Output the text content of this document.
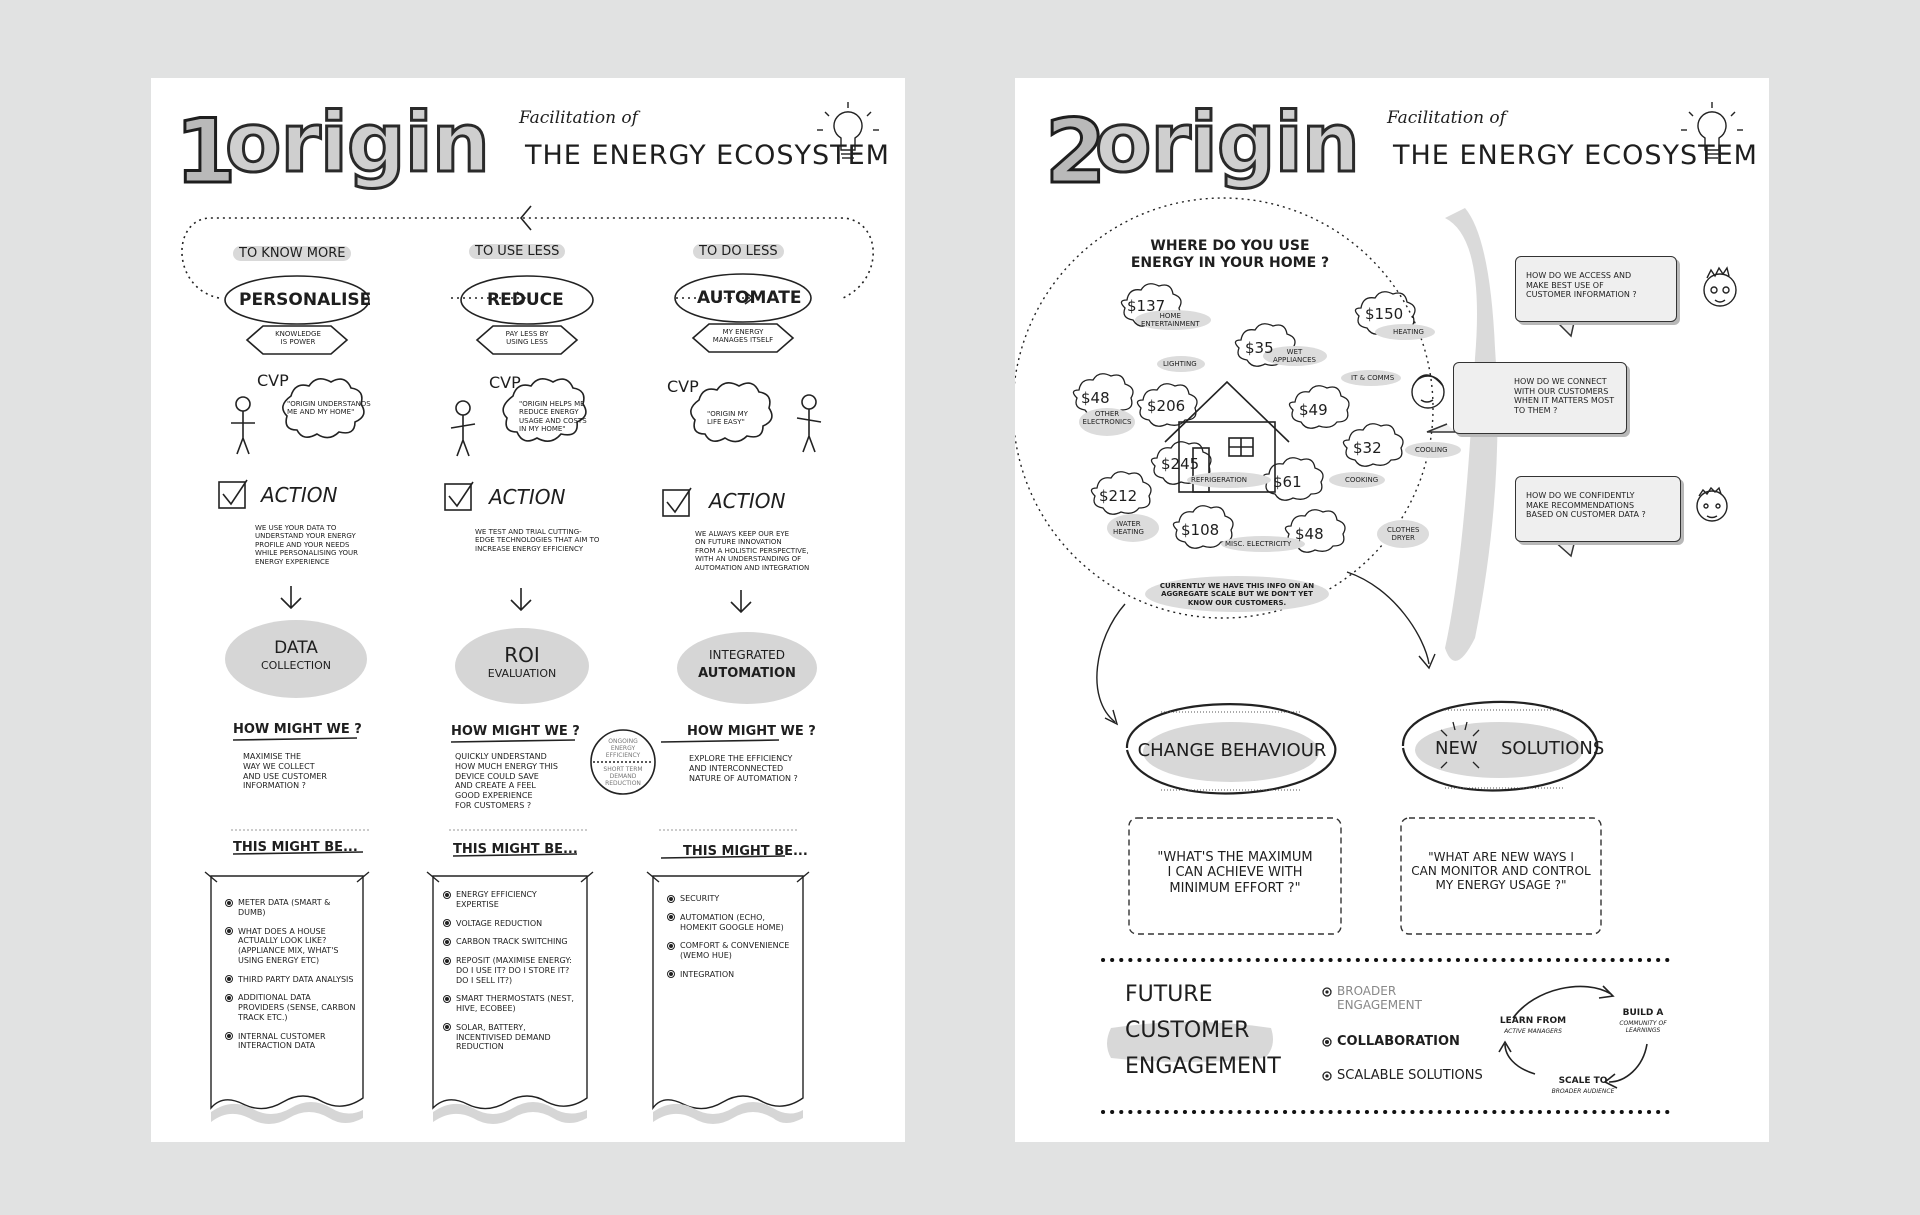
1
origin Facilitation of
THE ENERGY ECOSYSTEM
TO KNOW MORE
PERSONALISE
KNOWLEDGE
IS POWER
CVP
"ORIGIN UNDERSTANDS
ME AND MY HOME"
ACTION
WE USE YOUR DATA TO
UNDERSTAND YOUR ENERGY
PROFILE AND YOUR NEEDS
WHILE PERSONALISING YOUR
ENERGY EXPERIENCE
DATA
COLLECTION
HOW MIGHT WE ?
MAXIMISE THE
WAY WE COLLECT
AND USE CUSTOMER
INFORMATION ?
THIS MIGHT BE...
METER DATA (SMART & DUMB)
WHAT DOES A HOUSE ACTUALLY LOOK LIKE? (APPLIANCE MIX, WHAT'S USING ENERGY ETC)
THIRD PARTY DATA ANALYSIS
ADDITIONAL DATA PROVIDERS (SENSE, CARBON TRACK ETC.)
INTERNAL CUSTOMER INTERACTION DATA
TO USE LESS
REDUCE
PAY LESS BY
USING LESS
CVP
"ORIGIN HELPS ME
REDUCE ENERGY
USAGE AND COSTS
IN MY HOME"
ACTION
WE TEST AND TRIAL CUTTING-
EDGE TECHNOLOGIES THAT AIM TO
INCREASE ENERGY EFFICIENCY
ROI
EVALUATION
HOW MIGHT WE ?
QUICKLY UNDERSTAND
HOW MUCH ENERGY THIS
DEVICE COULD SAVE
AND CREATE A FEEL
GOOD EXPERIENCE
FOR CUSTOMERS ?
ONGOING
ENERGY
EFFICIENCY
SHORT TERM
DEMAND
REDUCTION
THIS MIGHT BE...
ENERGY EFFICIENCY EXPERTISE
VOLTAGE REDUCTION
CARBON TRACK SWITCHING
REPOSIT (MAXIMISE ENERGY: DO I USE IT? DO I STORE IT? DO I SELL IT?)
SMART THERMOSTATS (NEST, HIVE, ECOBEE)
SOLAR, BATTERY, INCENTIVISED DEMAND REDUCTION
TO DO LESS
AUTOMATE
MY ENERGY
MANAGES ITSELF
CVP
"ORIGIN MY
LIFE EASY"
ACTION
WE ALWAYS KEEP OUR EYE
ON FUTURE INNOVATION
FROM A HOLISTIC PERSPECTIVE,
WITH AN UNDERSTANDING OF
AUTOMATION AND INTEGRATION
INTEGRATED
AUTOMATION
HOW MIGHT WE ?
EXPLORE THE EFFICIENCY
AND INTERCONNECTED
NATURE OF AUTOMATION ?
THIS MIGHT BE...
SECURITY
AUTOMATION (ECHO, HOMEKIT GOOGLE HOME)
COMFORT & CONVENIENCE (WEMO HUE)
INTEGRATION
2
origin Facilitation of
THE ENERGY ECOSYSTEM
WHERE DO YOU USE
ENERGY IN YOUR HOME ?
$137
HOME
ENTERTAINMENT
$150
HEATING
$35	WET
APPLIANCES
LIGHTING
IT & COMMS
$48
OTHER
ELECTRONICS
$206	$49
$32	COOLING
$245
REFRIGERATION $61	COOKING
$212
WATER
HEATING $108
MISC. ELECTRICITY
$48	CLOTHES
DRYER
CURRENTLY WE HAVE THIS INFO ON AN
AGGREGATE SCALE BUT WE DON'T YET
KNOW OUR CUSTOMERS.
HOW DO WE ACCESS AND
MAKE BEST USE OF
CUSTOMER INFORMATION ?
HOW DO WE CONNECT
WITH OUR CUSTOMERS
WHEN IT MATTERS MOST
TO THEM ?
HOW DO WE CONFIDENTLY
MAKE RECOMMENDATIONS
BASED ON CUSTOMER DATA ?
CHANGE BEHAVIOUR	NEW SOLUTIONS
"WHAT'S THE MAXIMUM
I CAN ACHIEVE WITH
MINIMUM EFFORT ?"
"WHAT ARE NEW WAYS I
CAN MONITOR AND CONTROL
MY ENERGY USAGE ?"
FUTURE
CUSTOMER
ENGAGEMENT
BROADER
ENGAGEMENT
COLLABORATION
SCALABLE SOLUTIONS
LEARN FROM
ACTIVE MANAGERS
BUILD A
COMMUNITY OF
LEARNINGS
SCALE TO
BROADER AUDIENCE
